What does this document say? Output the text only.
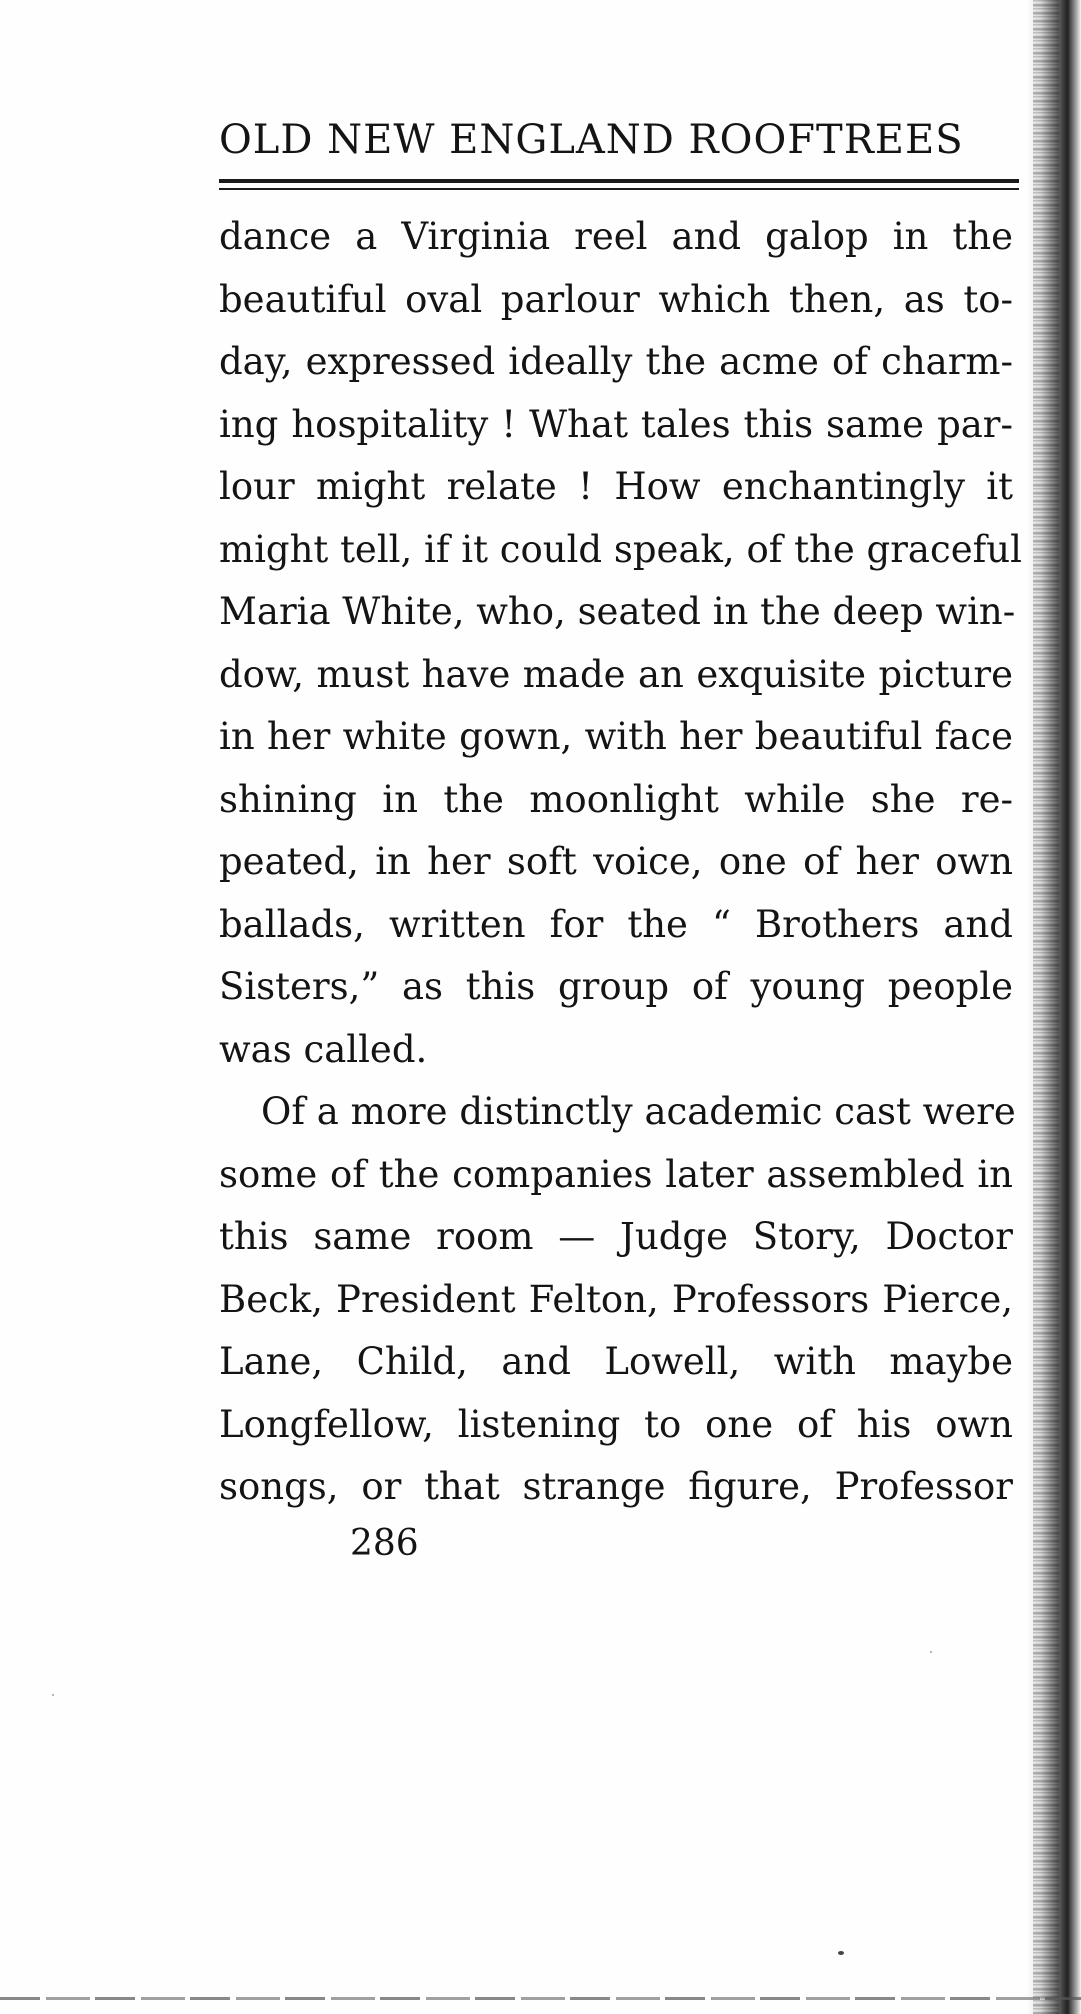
OLD NEW ENGLAND ROOFTREES
dance a Virginia reel and galop in the
beautiful oval parlour which then, as to-
day, expressed ideally the acme of charm-
ing hospitality ! What tales this same par-
lour might relate ! How enchantingly it
might tell, if it could speak, of the graceful
Maria White, who, seated in the deep win-
dow, must have made an exquisite picture
in her white gown, with her beautiful face
shining in the moonlight while she re-
peated, in her soft voice, one of her own
ballads, written for the “ Brothers and
Sisters,” as this group of young people
was called.
Of a more distinctly academic cast were
some of the companies later assembled in
this same room — Judge Story, Doctor
Beck, President Felton, Professors Pierce,
Lane, Child, and Lowell, with maybe
Longfellow, listening to one of his own
songs, or that strange figure, Professor
286
